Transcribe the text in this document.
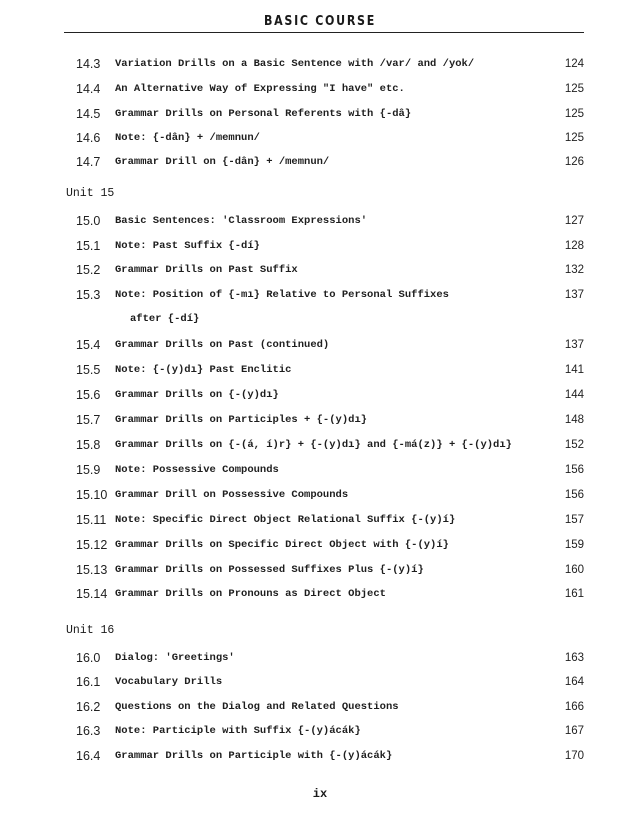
BASIC COURSE
14.3 Variation Drills on a Basic Sentence with /var/ and /yok/	124
14.4 An Alternative Way of Expressing "I have" etc.	125
14.5 Grammar Drills on Personal Referents with {-dâ}	125
14.6 Note: {-dân} + /memnun/	125
14.7 Grammar Drill on {-dân} + /memnun/	126
Unit 15
15.0 Basic Sentences: 'Classroom Expressions'	127
15.1 Note: Past Suffix {-dí}	128
15.2 Grammar Drills on Past Suffix	132
15.3 Note: Position of {-mı} Relative to Personal Suffixes	137
after {-dí}
15.4 Grammar Drills on Past (continued)	137
15.5 Note: {-(y)dı} Past Enclitic	141
15.6 Grammar Drills on {-(y)dı}	144
15.7 Grammar Drills on Participles + {-(y)dı}	148
15.8 Grammar Drills on {-(á, í)r} + {-(y)dı} and {-má(z)} + {-(y)dı}	152
15.9 Note: Possessive Compounds	156
15.10 Grammar Drill on Possessive Compounds	156
15.11 Note: Specific Direct Object Relational Suffix {-(y)í}	157
15.12 Grammar Drills on Specific Direct Object with {-(y)í}	159
15.13 Grammar Drills on Possessed Suffixes Plus {-(y)í}	160
15.14 Grammar Drills on Pronouns as Direct Object	161
Unit 16
16.0 Dialog: 'Greetings'	163
16.1 Vocabulary Drills	164
16.2 Questions on the Dialog and Related Questions	166
16.3 Note: Participle with Suffix {-(y)ácák}	167
16.4 Grammar Drills on Participle with {-(y)ácák}	170
ix
